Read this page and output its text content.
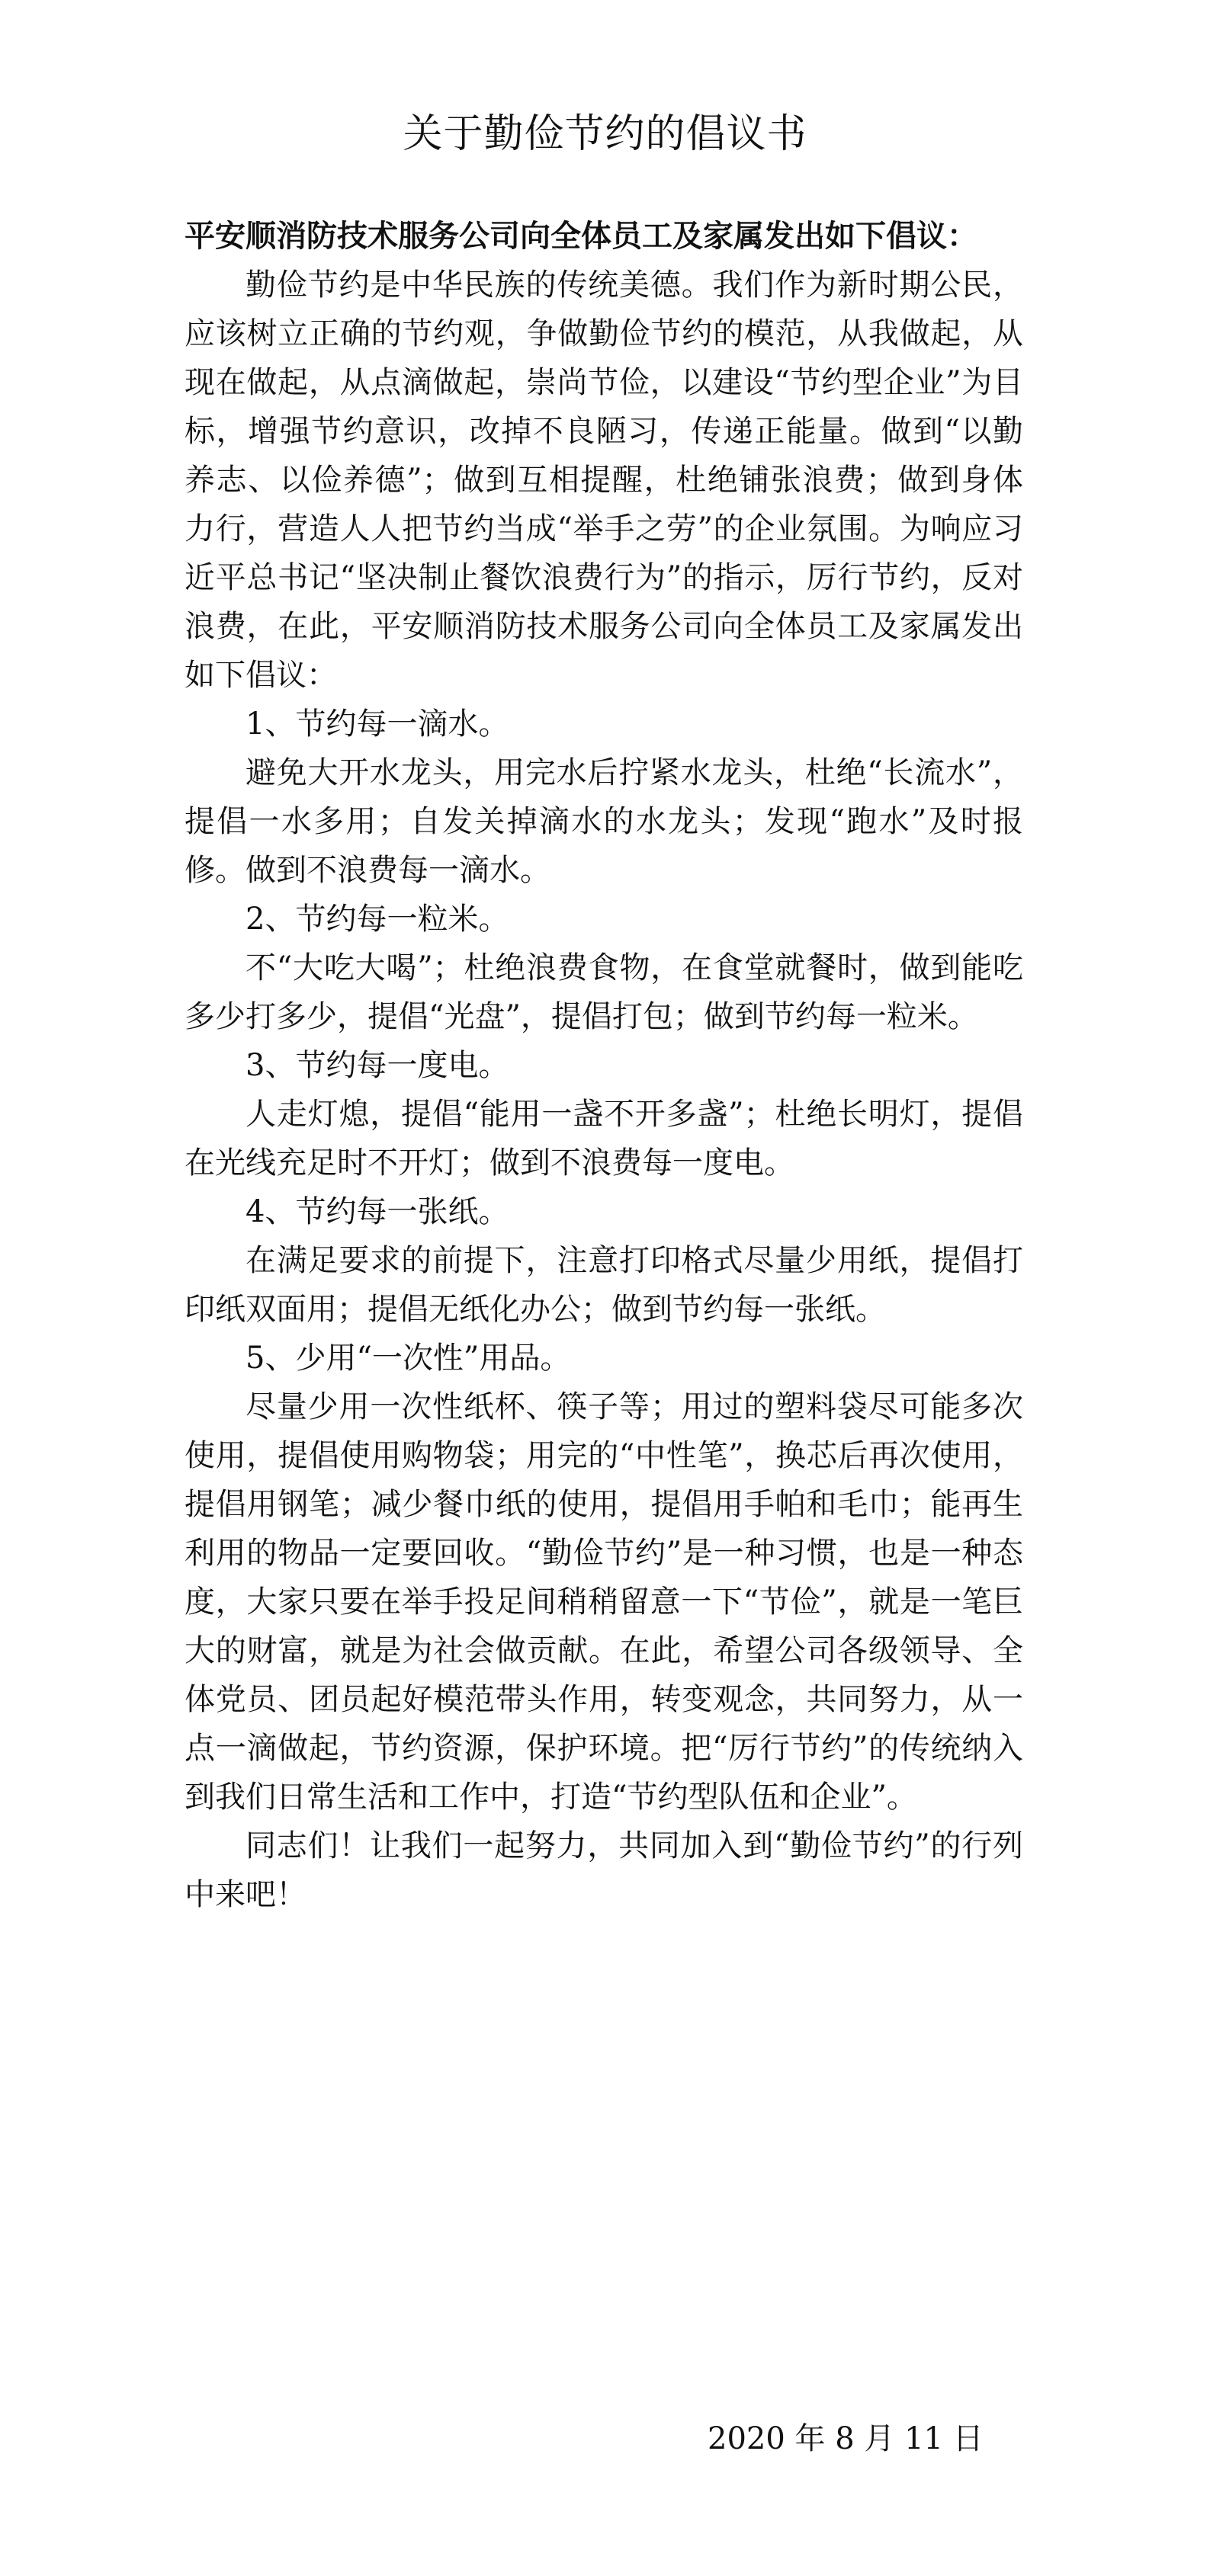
关于勤俭节约的倡议书

平安顺消防技术服务公司向全体员工及家属发出如下倡议：

勤俭节约是中华民族的传统美德。我们作为新时期公民，应该树立正确的节约观，争做勤俭节约的模范，从我做起，从现在做起，从点滴做起，崇尚节俭，以建设“节约型企业”为目标，增强节约意识，改掉不良陋习，传递正能量。做到“以勤养志、以俭养德”；做到互相提醒，杜绝铺张浪费；做到身体力行，营造人人把节约当成“举手之劳”的企业氛围。为响应习近平总书记“坚决制止餐饮浪费行为”的指示，厉行节约，反对浪费，在此，平安顺消防技术服务公司向全体员工及家属发出如下倡议：

1、节约每一滴水。

避免大开水龙头，用完水后拧紧水龙头，杜绝“长流水”，提倡一水多用；自发关掉滴水的水龙头；发现“跑水”及时报修。做到不浪费每一滴水。

2、节约每一粒米。

不“大吃大喝”；杜绝浪费食物，在食堂就餐时，做到能吃多少打多少，提倡“光盘”，提倡打包；做到节约每一粒米。

3、节约每一度电。

人走灯熄，提倡“能用一盏不开多盏”；杜绝长明灯，提倡在光线充足时不开灯；做到不浪费每一度电。

4、节约每一张纸。

在满足要求的前提下，注意打印格式尽量少用纸，提倡打印纸双面用；提倡无纸化办公；做到节约每一张纸。

5、少用“一次性”用品。

尽量少用一次性纸杯、筷子等；用过的塑料袋尽可能多次使用，提倡使用购物袋；用完的“中性笔”，换芯后再次使用，提倡用钢笔；减少餐巾纸的使用，提倡用手帕和毛巾；能再生利用的物品一定要回收。“勤俭节约”是一种习惯，也是一种态度，大家只要在举手投足间稍稍留意一下“节俭”，就是一笔巨大的财富，就是为社会做贡献。在此，希望公司各级领导、全体党员、团员起好模范带头作用，转变观念，共同努力，从一点一滴做起，节约资源，保护环境。把“厉行节约”的传统纳入到我们日常生活和工作中，打造“节约型队伍和企业”。

同志们！让我们一起努力，共同加入到“勤俭节约”的行列中来吧！

2020 年 8 月 11 日
